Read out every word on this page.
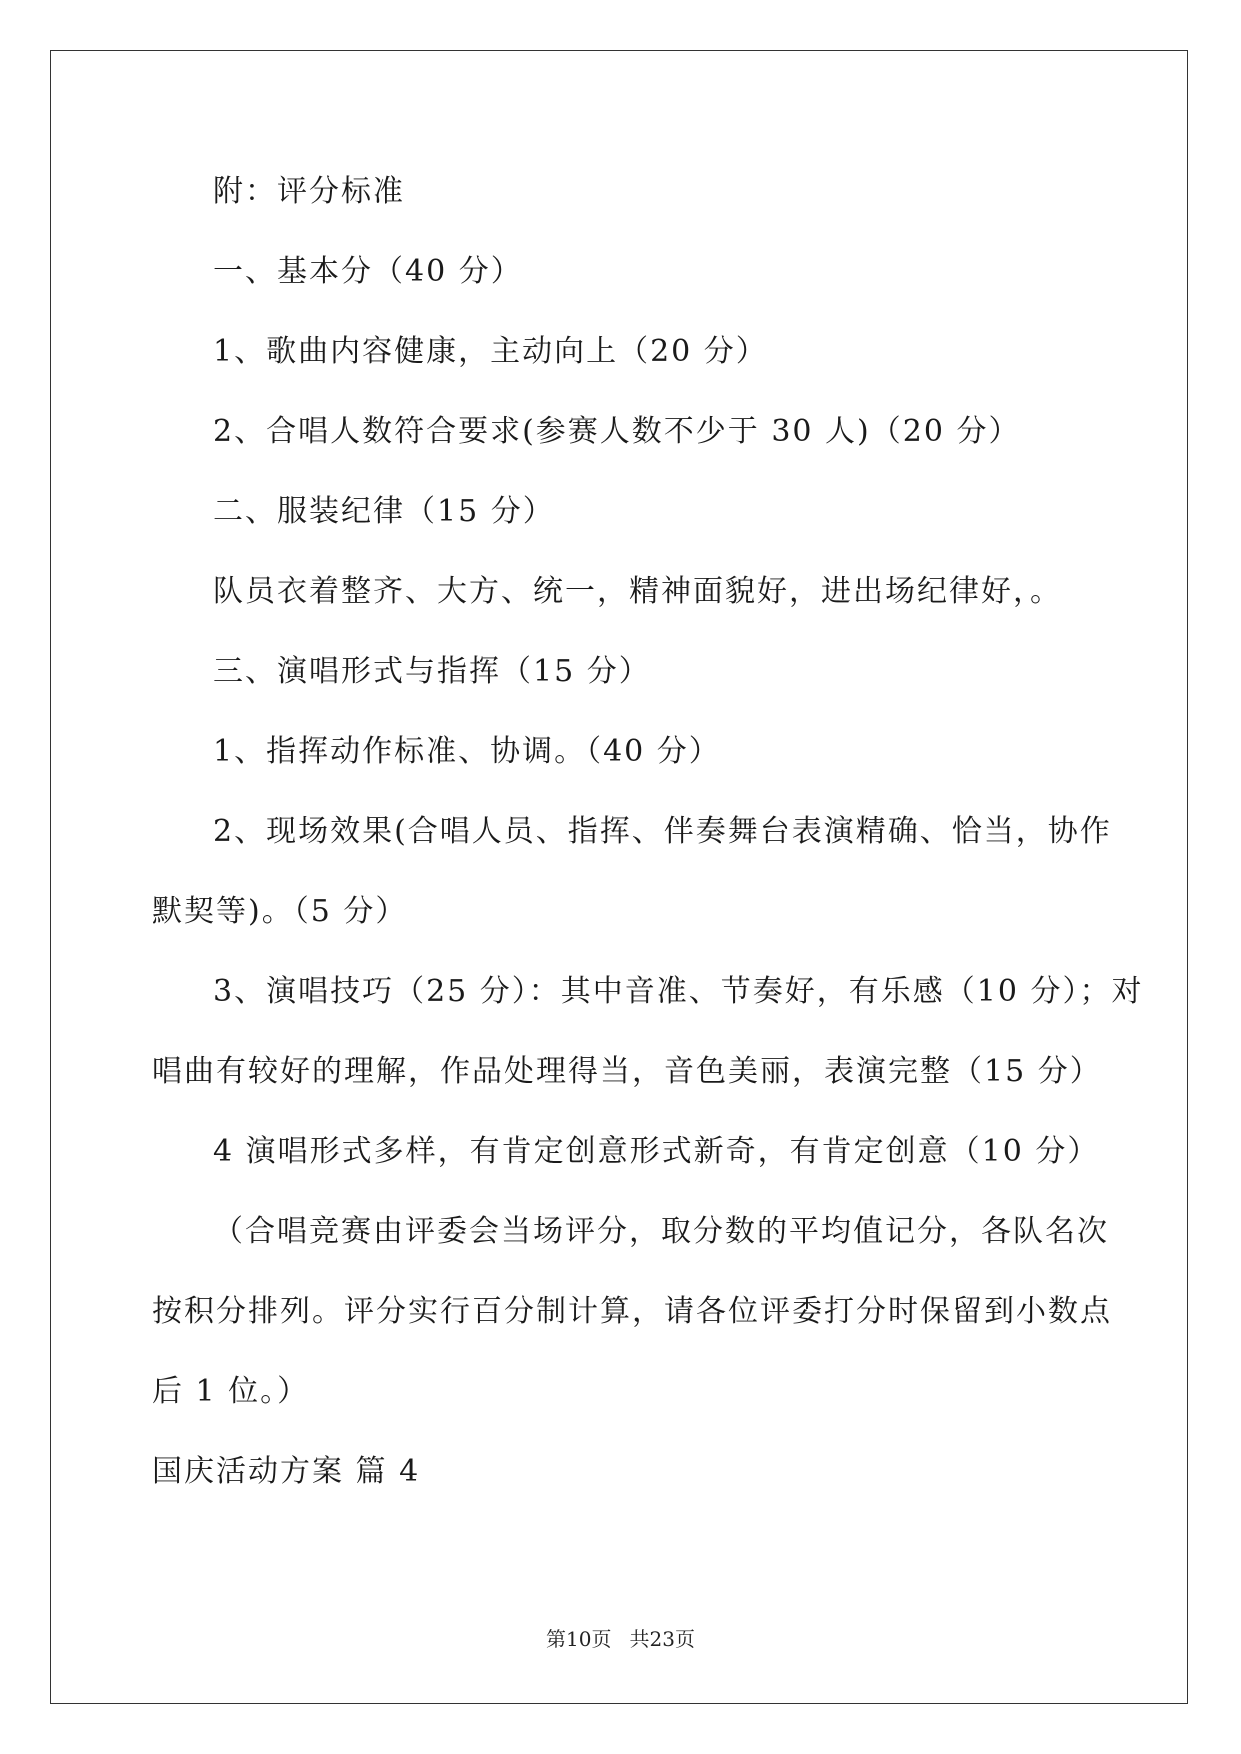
附：评分标准
一、基本分（40 分）
1、歌曲内容健康，主动向上（20 分）
2、合唱人数符合要求(参赛人数不少于 30 人)（20 分）
二、服装纪律（15 分）
队员衣着整齐、大方、统一，精神面貌好，进出场纪律好，。
三、演唱形式与指挥（15 分）
1、指挥动作标准、协调。（40 分）
2、现场效果(合唱人员、指挥、伴奏舞台表演精确、恰当，协作
默契等)。（5 分）
3、演唱技巧（25 分）：其中音准、节奏好，有乐感（10 分）；对
唱曲有较好的理解，作品处理得当，音色美丽，表演完整（15 分）
4 演唱形式多样，有肯定创意形式新奇，有肯定创意（10 分）
（合唱竞赛由评委会当场评分，取分数的平均值记分，各队名次
按积分排列。评分实行百分制计算，请各位评委打分时保留到小数点
后 1 位。）
国庆活动方案 篇 4
第10页 共23页
